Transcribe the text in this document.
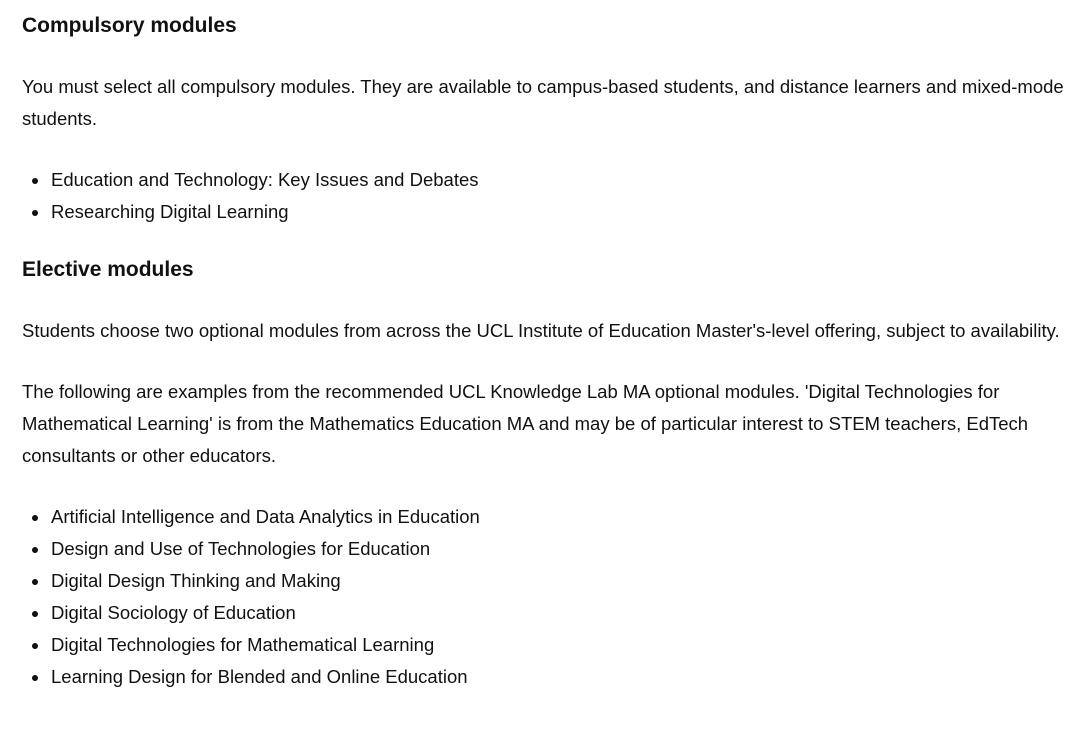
Compulsory modules

You must select all compulsory modules. They are available to campus-based students, and distance learners and mixed-mode students.

Education and Technology: Key Issues and Debates
Researching Digital Learning
Elective modules

Students choose two optional modules from across the UCL Institute of Education Master's-level offering, subject to availability.

The following are examples from the recommended UCL Knowledge Lab MA optional modules. 'Digital Technologies for Mathematical Learning' is from the Mathematics Education MA and may be of particular interest to STEM teachers, EdTech consultants or other educators.

Artificial Intelligence and Data Analytics in Education
Design and Use of Technologies for Education
Digital Design Thinking and Making
Digital Sociology of Education
Digital Technologies for Mathematical Learning
Learning Design for Blended and Online Education
